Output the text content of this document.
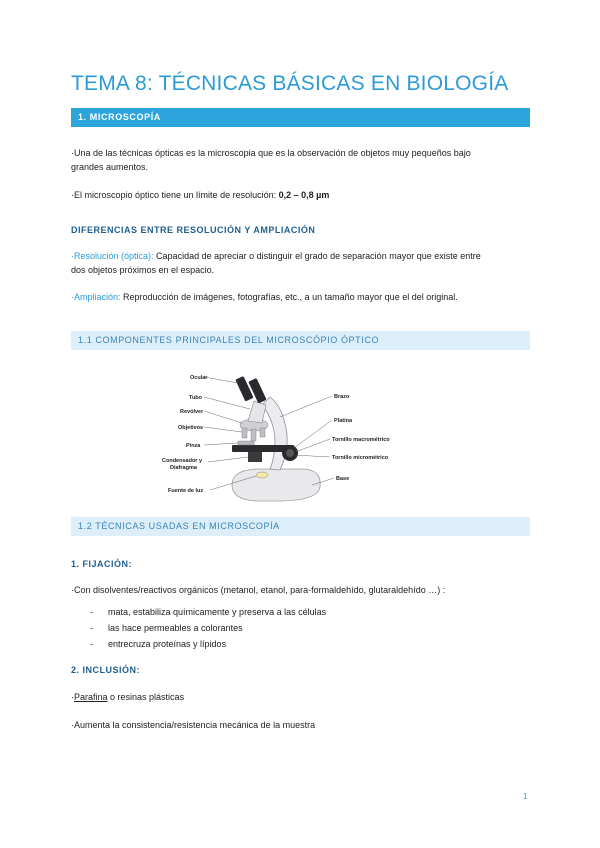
TEMA 8: TÉCNICAS BÁSICAS EN BIOLOGÍA
1. MICROSCOPÍA
·Una de las técnicas ópticas es la microscopia que es la observación de objetos muy pequeños bajo
grandes aumentos.
·El microscopio óptico tiene un límite de resolución: 0,2 – 0,8 µm
DIFERENCIAS ENTRE RESOLUCIÓN Y AMPLIACIÓN
·Resolución (óptica): Capacidad de apreciar o distinguir el grado de separación mayor que existe entre
dos objetos próximos en el espacio.
·Ampliación: Reproducción de imágenes, fotografías, etc., a un tamaño mayor que el del original.
1.1 COMPONENTES PRINCIPALES DEL MICROSCÓPIO ÓPTICO
Ocular
Tubo
Revólver
Objetivos
Pinza
Condensador y
Diafragma
Fuente de luz
Brazo
Platina
Tornillo macrométrico
Tornillo micrométrico
Base
1.2 TÉCNICAS USADAS EN MICROSCOPÍA
1. FIJACIÓN:
·Con disolventes/reactivos orgánicos (metanol, etanol, para-formaldehído, glutaraldehído …) :
- mata, estabiliza químicamente y preserva a las células
- las hace permeables a colorantes
- entrecruza proteínas y lípidos
2. INCLUSIÓN:
·Parafina o resinas plásticas
·Aumenta la consistencia/resistencia mecánica de la muestra
1
